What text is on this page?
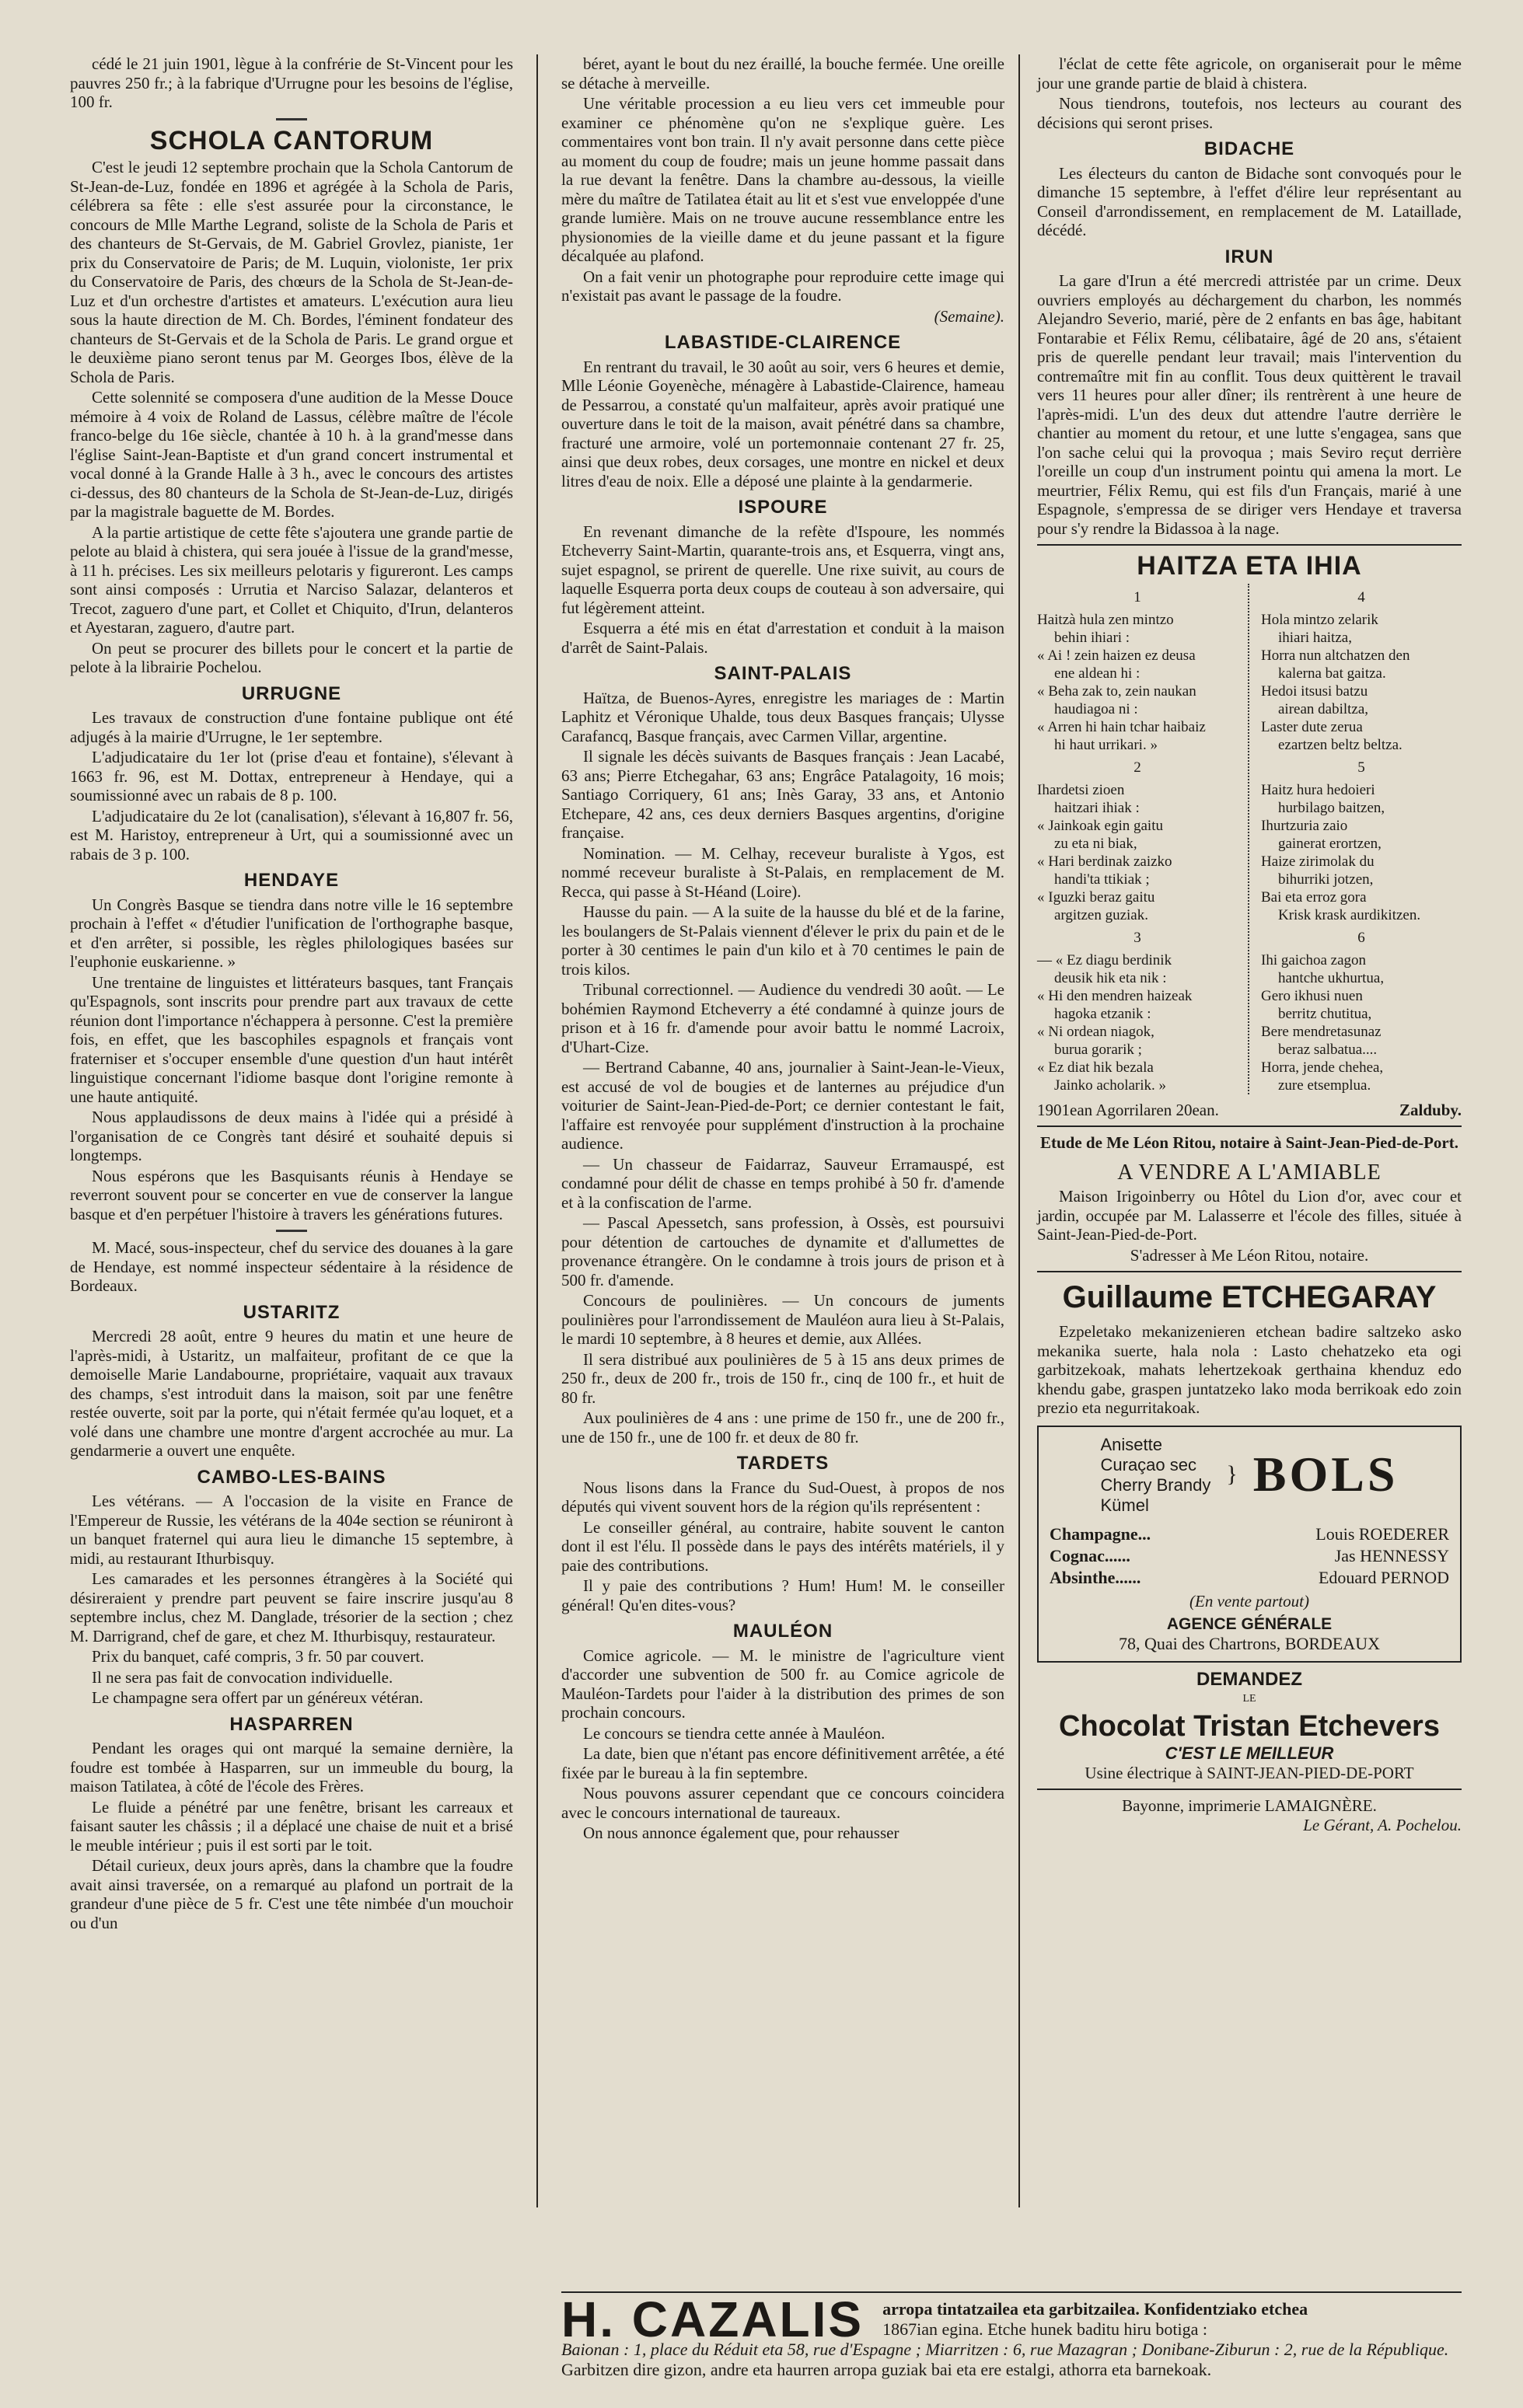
cédé le 21 juin 1901, lègue à la confrérie de St-Vincent pour les pauvres 250 fr.; à la fabrique d'Urrugne pour les besoins de l'église, 100 fr.

SCHOLA CANTORUM

C'est le jeudi 12 septembre prochain que la Schola Cantorum de St-Jean-de-Luz, fondée en 1896 et agrégée à la Schola de Paris, célébrera sa fête : elle s'est assurée pour la circonstance, le concours de Mlle Marthe Legrand, soliste de la Schola de Paris et des chanteurs de St-Gervais, de M. Gabriel Grovlez, pianiste, 1er prix du Conservatoire de Paris; de M. Luquin, violoniste, 1er prix du Conservatoire de Paris, des chœurs de la Schola de St-Jean-de-Luz et d'un orchestre d'artistes et amateurs. L'exécution aura lieu sous la haute direction de M. Ch. Bordes, l'éminent fondateur des chanteurs de St-Gervais et de la Schola de Paris. Le grand orgue et le deuxième piano seront tenus par M. Georges Ibos, élève de la Schola de Paris.

Cette solennité se composera d'une audition de la Messe Douce mémoire à 4 voix de Roland de Lassus, célèbre maître de l'école franco-belge du 16e siècle, chantée à 10 h. à la grand'messe dans l'église Saint-Jean-Baptiste et d'un grand concert instrumental et vocal donné à la Grande Halle à 3 h., avec le concours des artistes ci-dessus, des 80 chanteurs de la Schola de St-Jean-de-Luz, dirigés par la magistrale baguette de M. Bordes.

A la partie artistique de cette fête s'ajoutera une grande partie de pelote au blaid à chistera, qui sera jouée à l'issue de la grand'messe, à 11 h. précises. Les six meilleurs pelotaris y figureront. Les camps sont ainsi composés : Urrutia et Narciso Salazar, delanteros et Trecot, zaguero d'une part, et Collet et Chiquito, d'Irun, delanteros et Ayestaran, zaguero, d'autre part.

On peut se procurer des billets pour le concert et la partie de pelote à la librairie Pochelou.

URRUGNE

Les travaux de construction d'une fontaine publique ont été adjugés à la mairie d'Urrugne, le 1er septembre.

L'adjudicataire du 1er lot (prise d'eau et fontaine), s'élevant à 1663 fr. 96, est M. Dottax, entrepreneur à Hendaye, qui a soumissionné avec un rabais de 8 p. 100.

L'adjudicataire du 2e lot (canalisation), s'élevant à 16,807 fr. 56, est M. Haristoy, entrepreneur à Urt, qui a soumissionné avec un rabais de 3 p. 100.

HENDAYE

Un Congrès Basque se tiendra dans notre ville le 16 septembre prochain à l'effet « d'étudier l'unification de l'orthographe basque, et d'en arrêter, si possible, les règles philologiques basées sur l'euphonie euskarienne. »

Une trentaine de linguistes et littérateurs basques, tant Français qu'Espagnols, sont inscrits pour prendre part aux travaux de cette réunion dont l'importance n'échappera à personne. C'est la première fois, en effet, que les bascophiles espagnols et français vont fraterniser et s'occuper ensemble d'une question d'un haut intérêt linguistique concernant l'idiome basque dont l'origine remonte à une haute antiquité.

Nous applaudissons de deux mains à l'idée qui a présidé à l'organisation de ce Congrès tant désiré et souhaité depuis si longtemps.

Nous espérons que les Basquisants réunis à Hendaye se reverront souvent pour se concerter en vue de conserver la langue basque et d'en perpétuer l'histoire à travers les générations futures.

M. Macé, sous-inspecteur, chef du service des douanes à la gare de Hendaye, est nommé inspecteur sédentaire à la résidence de Bordeaux.

USTARITZ

Mercredi 28 août, entre 9 heures du matin et une heure de l'après-midi, à Ustaritz, un malfaiteur, profitant de ce que la demoiselle Marie Landabourne, propriétaire, vaquait aux travaux des champs, s'est introduit dans la maison, soit par une fenêtre restée ouverte, soit par la porte, qui n'était fermée qu'au loquet, et a volé dans une chambre une montre d'argent accrochée au mur. La gendarmerie a ouvert une enquête.

CAMBO-LES-BAINS

Les vétérans. — A l'occasion de la visite en France de l'Empereur de Russie, les vétérans de la 404e section se réuniront à un banquet fraternel qui aura lieu le dimanche 15 septembre, à midi, au restaurant Ithurbisquy.

Les camarades et les personnes étrangères à la Société qui désireraient y prendre part peuvent se faire inscrire jusqu'au 8 septembre inclus, chez M. Danglade, trésorier de la section ; chez M. Darrigrand, chef de gare, et chez M. Ithurbisquy, restaurateur.

Prix du banquet, café compris, 3 fr. 50 par couvert.

Il ne sera pas fait de convocation individuelle.

Le champagne sera offert par un généreux vétéran.

HASPARREN

Pendant les orages qui ont marqué la semaine dernière, la foudre est tombée à Hasparren, sur un immeuble du bourg, la maison Tatilatea, à côté de l'école des Frères.

Le fluide a pénétré par une fenêtre, brisant les carreaux et faisant sauter les châssis ; il a déplacé une chaise de nuit et a brisé le meuble intérieur ; puis il est sorti par le toit.

Détail curieux, deux jours après, dans la chambre que la foudre avait ainsi traversée, on a remarqué au plafond un portrait de la grandeur d'une pièce de 5 fr. C'est une tête nimbée d'un mouchoir ou d'un

béret, ayant le bout du nez éraillé, la bouche fermée. Une oreille se détache à merveille.

Une véritable procession a eu lieu vers cet immeuble pour examiner ce phénomène qu'on ne s'explique guère. Les commentaires vont bon train. Il n'y avait personne dans cette pièce au moment du coup de foudre; mais un jeune homme passait dans la rue devant la fenêtre. Dans la chambre au-dessous, la vieille mère du maître de Tatilatea était au lit et s'est vue enveloppée d'une grande lumière. Mais on ne trouve aucune ressemblance entre les physionomies de la vieille dame et du jeune passant et la figure décalquée au plafond.

On a fait venir un photographe pour reproduire cette image qui n'existait pas avant le passage de la foudre.

(Semaine).
LABASTIDE-CLAIRENCE

En rentrant du travail, le 30 août au soir, vers 6 heures et demie, Mlle Léonie Goyenèche, ménagère à Labastide-Clairence, hameau de Pessarrou, a constaté qu'un malfaiteur, après avoir pratiqué une ouverture dans le toit de la maison, avait pénétré dans sa chambre, fracturé une armoire, volé un portemonnaie contenant 27 fr. 25, ainsi que deux robes, deux corsages, une montre en nickel et deux litres d'eau de noix. Elle a déposé une plainte à la gendarmerie.

ISPOURE

En revenant dimanche de la refète d'Ispoure, les nommés Etcheverry Saint-Martin, quarante-trois ans, et Esquerra, vingt ans, sujet espagnol, se prirent de querelle. Une rixe suivit, au cours de laquelle Esquerra porta deux coups de couteau à son adversaire, qui fut légèrement atteint.

Esquerra a été mis en état d'arrestation et conduit à la maison d'arrêt de Saint-Palais.

SAINT-PALAIS

Haïtza, de Buenos-Ayres, enregistre les mariages de : Martin Laphitz et Véronique Uhalde, tous deux Basques français; Ulysse Carafancq, Basque français, avec Carmen Villar, argentine.

Il signale les décès suivants de Basques français : Jean Lacabé, 63 ans; Pierre Etchegahar, 63 ans; Engrâce Patalagoity, 16 mois; Santiago Corriquery, 61 ans; Inès Garay, 33 ans, et Antonio Etchepare, 42 ans, ces deux derniers Basques argentins, d'origine française.

Nomination. — M. Celhay, receveur buraliste à Ygos, est nommé receveur buraliste à St-Palais, en remplacement de M. Recca, qui passe à St-Héand (Loire).

Hausse du pain. — A la suite de la hausse du blé et de la farine, les boulangers de St-Palais viennent d'élever le prix du pain et de le porter à 30 centimes le pain d'un kilo et à 70 centimes le pain de trois kilos.

Tribunal correctionnel. — Audience du vendredi 30 août. — Le bohémien Raymond Etcheverry a été condamné à quinze jours de prison et à 16 fr. d'amende pour avoir battu le nommé Lacroix, d'Uhart-Cize.

— Bertrand Cabanne, 40 ans, journalier à Saint-Jean-le-Vieux, est accusé de vol de bougies et de lanternes au préjudice d'un voiturier de Saint-Jean-Pied-de-Port; ce dernier contestant le fait, l'affaire est renvoyée pour supplément d'instruction à la prochaine audience.

— Un chasseur de Faidarraz, Sauveur Erramauspé, est condamné pour délit de chasse en temps prohibé à 50 fr. d'amende et à la confiscation de l'arme.

— Pascal Apessetch, sans profession, à Ossès, est poursuivi pour détention de cartouches de dynamite et d'allumettes de provenance étrangère. On le condamne à trois jours de prison et à 500 fr. d'amende.

Concours de poulinières. — Un concours de juments poulinières pour l'arrondissement de Mauléon aura lieu à St-Palais, le mardi 10 septembre, à 8 heures et demie, aux Allées.

Il sera distribué aux poulinières de 5 à 15 ans deux primes de 250 fr., deux de 200 fr., trois de 150 fr., cinq de 100 fr., et huit de 80 fr.

Aux poulinières de 4 ans : une prime de 150 fr., une de 200 fr., une de 150 fr., une de 100 fr. et deux de 80 fr.

TARDETS

Nous lisons dans la France du Sud-Ouest, à propos de nos députés qui vivent souvent hors de la région qu'ils représentent :

Le conseiller général, au contraire, habite souvent le canton dont il est l'élu. Il possède dans le pays des intérêts matériels, il y paie des contributions.

Il y paie des contributions ? Hum! Hum! M. le conseiller général! Qu'en dites-vous?

MAULÉON

Comice agricole. — M. le ministre de l'agriculture vient d'accorder une subvention de 500 fr. au Comice agricole de Mauléon-Tardets pour l'aider à la distribution des primes de son prochain concours.

Le concours se tiendra cette année à Mauléon.

La date, bien que n'étant pas encore définitivement arrêtée, a été fixée par le bureau à la fin septembre.

Nous pouvons assurer cependant que ce concours coincidera avec le concours international de taureaux.

On nous annonce également que, pour rehausser

l'éclat de cette fête agricole, on organiserait pour le même jour une grande partie de blaid à chistera.

Nous tiendrons, toutefois, nos lecteurs au courant des décisions qui seront prises.

BIDACHE

Les électeurs du canton de Bidache sont convoqués pour le dimanche 15 septembre, à l'effet d'élire leur représentant au Conseil d'arrondissement, en remplacement de M. Lataillade, décédé.

IRUN

La gare d'Irun a été mercredi attristée par un crime. Deux ouvriers employés au déchargement du charbon, les nommés Alejandro Severio, marié, père de 2 enfants en bas âge, habitant Fontarabie et Félix Remu, célibataire, âgé de 20 ans, s'étaient pris de querelle pendant leur travail; mais l'intervention du contremaître mit fin au conflit. Tous deux quittèrent le travail vers 11 heures pour aller dîner; ils rentrèrent à une heure de l'après-midi. L'un des deux dut attendre l'autre derrière le chantier au moment du retour, et une lutte s'engagea, sans que l'on sache celui qui la provoqua ; mais Seviro reçut derrière l'oreille un coup d'un instrument pointu qui amena la mort. Le meurtrier, Félix Remu, qui est fils d'un Français, marié à une Espagnole, s'empressa de se diriger vers Hendaye et traversa pour s'y rendre la Bidassoa à la nage.

HAITZA ETA IHIA
1
Haitzà hula zen mintzo
behin ihiari :
« Ai ! zein haizen ez deusa
ene aldean hi :
« Beha zak to, zein naukan
haudiagoa ni :
« Arren hi hain tchar haibaiz
hi haut urrikari. »
2
Ihardetsi zioen
haitzari ihiak :
« Jainkoak egin gaitu
zu eta ni biak,
« Hari berdinak zaizko
handi'ta ttikiak ;
« Iguzki beraz gaitu
argitzen guziak.
3
— « Ez diagu berdinik
deusik hik eta nik :
« Hi den mendren haizeak
hagoka etzanik :
« Ni ordean niagok,
burua gorarik ;
« Ez diat hik bezala
Jainko acholarik. »
4
Hola mintzo zelarik
ihiari haitza,
Horra nun altchatzen den
kalerna bat gaitza.
Hedoi itsusi batzu
airean dabiltza,
Laster dute zerua
ezartzen beltz beltza.
5
Haitz hura hedoieri
hurbilago baitzen,
Ihurtzuria zaio
gainerat erortzen,
Haize zirimolak du
bihurriki jotzen,
Bai eta erroz gora
Krisk krask aurdikitzen.
6
Ihi gaichoa zagon
hantche ukhurtua,
Gero ikhusi nuen
berritz chutitua,
Bere mendretasunaz
beraz salbatua....
Horra, jende chehea,
zure etsemplua.
1901ean Agorrilaren 20ean.	Zalduby.
Etude de Me Léon Ritou, notaire à Saint-Jean-Pied-de-Port.
A VENDRE A L'AMIABLE

Maison Irigoinberry ou Hôtel du Lion d'or, avec cour et jardin, occupée par M. Lalasserre et l'école des filles, située à Saint-Jean-Pied-de-Port.

S'adresser à Me Léon Ritou, notaire.
Guillaume ETCHEGARAY

Ezpeletako mekanizenieren etchean badire saltzeko asko mekanika suerte, hala nola : Lasto chehatzeko eta ogi garbitzekoak, mahats lehertzekoak gerthaina khenduz edo khendu gabe, graspen juntatzeko lako moda berrikoak edo zoin prezio eta negurritakoak.

Anisette
Curaçao sec
Cherry Brandy
Kümel
} BOLS
Champagne...	Louis ROEDERER
Cognac......	Jas HENNESSY
Absinthe......	Edouard PERNOD
(En vente partout)
AGENCE GÉNÉRALE
78, Quai des Chartrons, BORDEAUX
DEMANDEZ
LE
Chocolat Tristan Etchevers
C'EST LE MEILLEUR
Usine électrique à SAINT-JEAN-PIED-DE-PORT
Bayonne, imprimerie LAMAIGNÈRE.
Le Gérant, A. Pochelou.
H. CAZALIS arropa tintatzailea eta garbitzailea. Konfidentziako etchea
1867ian egina. Etche hunek baditu hiru botiga :
Baionan : 1, place du Réduit eta 58, rue d'Espagne ; Miarritzen : 6, rue Mazagran ; Donibane-Ziburun : 2, rue de la République.
Garbitzen dire gizon, andre eta haurren arropa guziak bai eta ere estalgi, athorra eta barnekoak.
